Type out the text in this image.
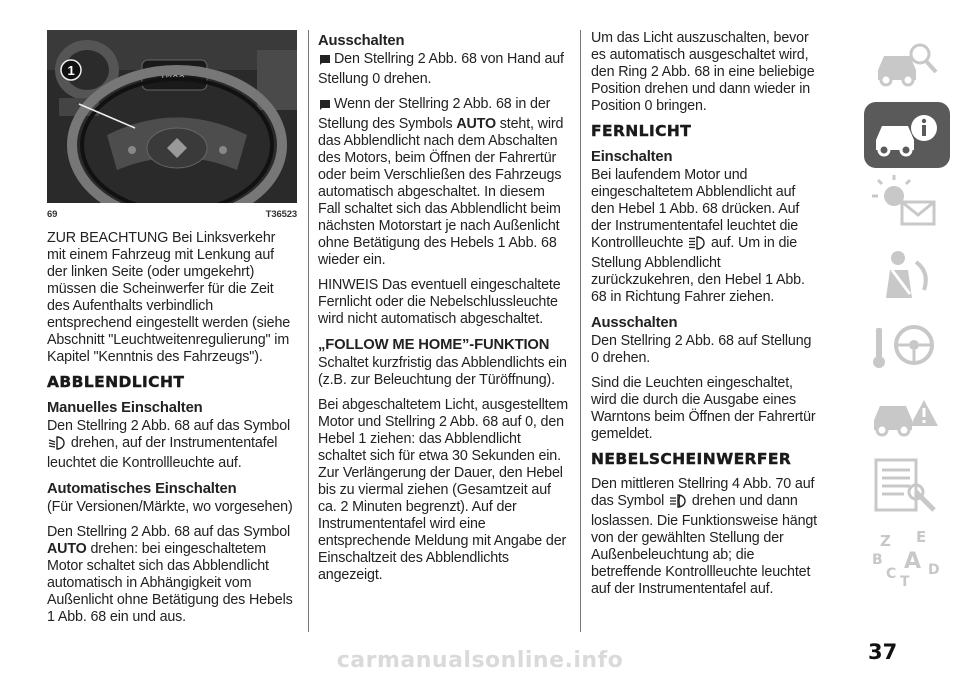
1088
1
69	T36523

ZUR BEACHTUNG Bei Linksverkehr mit einem Fahrzeug mit Lenkung auf der linken Seite (oder umgekehrt) müssen die Scheinwerfer für die Zeit des Aufenthalts verbindlich entsprechend eingestellt werden (siehe Abschnitt "Leuchtweitenregulierung" im Kapitel "Kenntnis des Fahrzeugs").

ABBLENDLICHT
Manuelles Einschalten

Den Stellring 2 Abb. 68 auf das Symbol  drehen, auf der Instrumententafel leuchtet die Kontrollleuchte auf.

Automatisches Einschalten

(Für Versionen/Märkte, wo vorgesehen)

Den Stellring 2 Abb. 68 auf das Symbol AUTO drehen: bei eingeschaltetem Motor schaltet sich das Abblendlicht automatisch in Abhängigkeit vom Außenlicht ohne Betätigung des Hebels 1 Abb. 68 ein und aus.

Ausschalten

Den Stellring 2 Abb. 68 von Hand auf Stellung 0 drehen.

Wenn der Stellring 2 Abb. 68 in der Stellung des Symbols AUTO steht, wird das Abblendlicht nach dem Abschalten des Motors, beim Öffnen der Fahrertür oder beim Verschließen des Fahrzeugs automatisch abgeschaltet. In diesem Fall schaltet sich das Abblendlicht beim nächsten Motorstart je nach Außenlicht ohne Betätigung des Hebels 1 Abb. 68 wieder ein.

HINWEIS Das eventuell eingeschaltete Fernlicht oder die Nebelschlussleuchte wird nicht automatisch abgeschaltet.

„FOLLOW ME HOME”-FUNKTION

Schaltet kurzfristig das Abblendlichts ein (z.B. zur Beleuchtung der Türöffnung).

Bei abgeschaltetem Licht, ausgestelltem Motor und Stellring 2 Abb. 68 auf 0, den Hebel 1 ziehen: das Abblendlicht schaltet sich für etwa 30 Sekunden ein. Zur Verlängerung der Dauer, den Hebel bis zu viermal ziehen (Gesamtzeit auf ca. 2 Minuten begrenzt). Auf der Instrumententafel wird eine entsprechende Meldung mit Angabe der Einschaltzeit des Abblendlichts angezeigt.

Um das Licht auszuschalten, bevor es automatisch ausgeschaltet wird, den Ring 2 Abb. 68 in eine beliebige Position drehen und dann wieder in Position 0 bringen.

FERNLICHT
Einschalten

Bei laufendem Motor und eingeschaltetem Abblendlicht auf den Hebel 1 Abb. 68 drücken. Auf der Instrumententafel leuchtet die Kontrollleuchte auf. Um in die Stellung Abblendlicht zurückzukehren, den Hebel 1 Abb. 68 in Richtung Fahrer ziehen.

Ausschalten

Den Stellring 2 Abb. 68 auf Stellung 0 drehen.

Sind die Leuchten eingeschaltet, wird die durch die Ausgabe eines Warntons beim Öffnen der Fahrertür gemeldet.

NEBELSCHEINWERFER

Den mittleren Stellring 4 Abb. 70 auf das Symbol drehen und dann loslassen. Die Funktionsweise hängt von der gewählten Stellung der Außenbeleuchtung ab; die betreffende Kontrollleuchte leuchtet auf der Instrumententafel auf.

Z E
B A
C D
T
37
carmanualsonline.info
